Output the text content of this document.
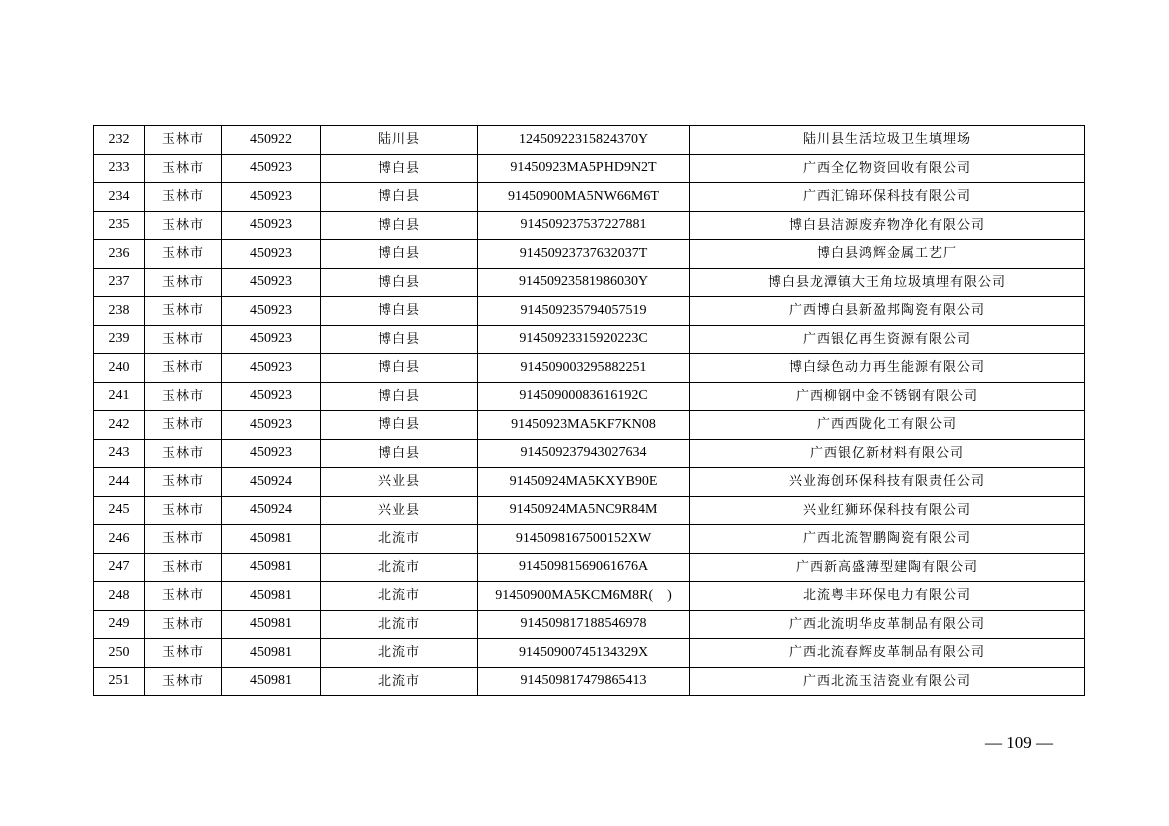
232	玉林市	450922	陆川县	12450922315824370Y	陆川县生活垃圾卫生填埋场
233	玉林市	450923	博白县	91450923MA5PHD9N2T	广西全亿物资回收有限公司
234	玉林市	450923	博白县	91450900MA5NW66M6T	广西汇锦环保科技有限公司
235	玉林市	450923	博白县	914509237537227881	博白县洁源废弃物净化有限公司
236	玉林市	450923	博白县	91450923737632037T	博白县鸿辉金属工艺厂
237	玉林市	450923	博白县	91450923581986030Y	博白县龙潭镇大王角垃圾填埋有限公司
238	玉林市	450923	博白县	914509235794057519	广西博白县新盈邦陶瓷有限公司
239	玉林市	450923	博白县	91450923315920223C	广西银亿再生资源有限公司
240	玉林市	450923	博白县	914509003295882251	博白绿色动力再生能源有限公司
241	玉林市	450923	博白县	91450900083616192C	广西柳钢中金不锈钢有限公司
242	玉林市	450923	博白县	91450923MA5KF7KN08	广西西陇化工有限公司
243	玉林市	450923	博白县	914509237943027634	广西银亿新材料有限公司
244	玉林市	450924	兴业县	91450924MA5KXYB90E	兴业海创环保科技有限责任公司
245	玉林市	450924	兴业县	91450924MA5NC9R84M	兴业红狮环保科技有限公司
246	玉林市	450981	北流市	9145098167500152XW	广西北流智鹏陶瓷有限公司
247	玉林市	450981	北流市	91450981569061676A	广西新高盛薄型建陶有限公司
248	玉林市	450981	北流市	91450900MA5KCM6M8R(　)	北流粤丰环保电力有限公司
249	玉林市	450981	北流市	914509817188546978	广西北流明华皮革制品有限公司
250	玉林市	450981	北流市	91450900745134329X	广西北流春辉皮革制品有限公司
251	玉林市	450981	北流市	914509817479865413	广西北流玉洁瓷业有限公司
— 109 —
